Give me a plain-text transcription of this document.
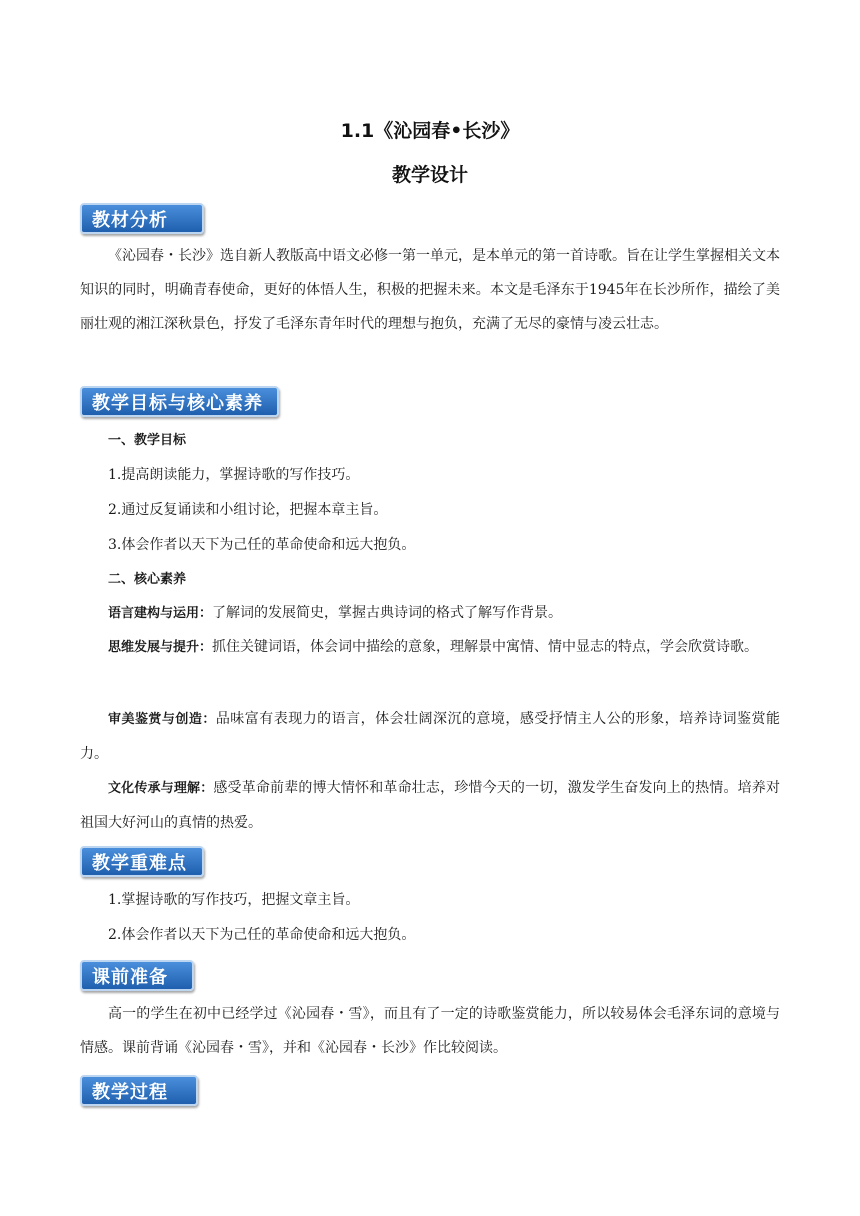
1.1《沁园春•长沙》
教学设计
教材分析
《沁园春・长沙》选自新人教版高中语文必修一第一单元，是本单元的第一首诗歌。旨在让学生掌握相关文本知识的同时，明确青春使命，更好的体悟人生，积极的把握未来。本文是毛泽东于1945年在长沙所作，描绘了美丽壮观的湘江深秋景色，抒发了毛泽东青年时代的理想与抱负，充满了无尽的豪情与凌云壮志。
教学目标与核心素养
一、教学目标
1.提高朗读能力，掌握诗歌的写作技巧。
2.通过反复诵读和小组讨论，把握本章主旨。
3.体会作者以天下为己任的革命使命和远大抱负。
二、核心素养
语言建构与运用：了解词的发展简史，掌握古典诗词的格式了解写作背景。
思维发展与提升：抓住关键词语，体会词中描绘的意象，理解景中寓情、情中显志的特点，学会欣赏诗歌。
审美鉴赏与创造：品味富有表现力的语言，体会壮阔深沉的意境，感受抒情主人公的形象，培养诗词鉴赏能力。
文化传承与理解：感受革命前辈的博大情怀和革命壮志，珍惜今天的一切，激发学生奋发向上的热情。培养对祖国大好河山的真情的热爱。
教学重难点
1.掌握诗歌的写作技巧，把握文章主旨。
2.体会作者以天下为己任的革命使命和远大抱负。
课前准备
高一的学生在初中已经学过《沁园春・雪》，而且有了一定的诗歌鉴赏能力，所以较易体会毛泽东词的意境与情感。课前背诵《沁园春・雪》，并和《沁园春・长沙》作比较阅读。
教学过程
